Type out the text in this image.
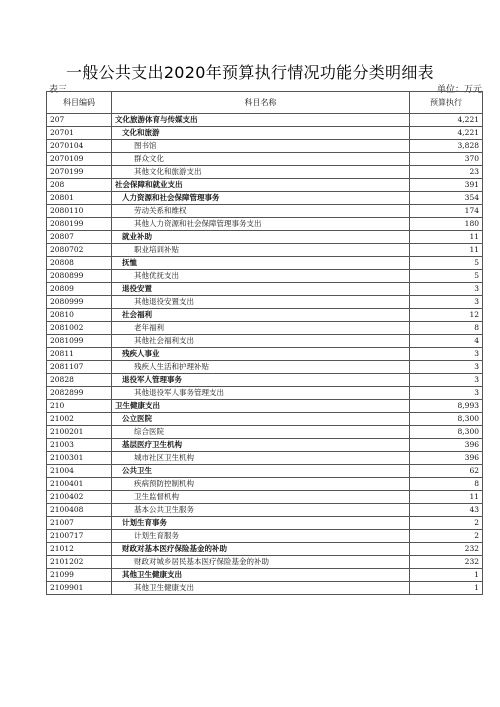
一般公共支出2020年预算执行情况功能分类明细表
表三	单位：万元
科目编码	科目名称	预算执行
207	文化旅游体育与传媒支出	4,221
20701	文化和旅游	4,221
2070104	图书馆	3,828
2070109	群众文化	370
2070199	其他文化和旅游支出	23
208	社会保障和就业支出	391
20801	人力资源和社会保障管理事务	354
2080110	劳动关系和维权	174
2080199	其他人力资源和社会保障管理事务支出	180
20807	就业补助	11
2080702	职业培训补贴	11
20808	抚恤	5
2080899	其他优抚支出	5
20809	退役安置	3
2080999	其他退役安置支出	3
20810	社会福利	12
2081002	老年福利	8
2081099	其他社会福利支出	4
20811	残疾人事业	3
2081107	残疾人生活和护理补贴	3
20828	退役军人管理事务	3
2082899	其他退役军人事务管理支出	3
210	卫生健康支出	8,993
21002	公立医院	8,300
2100201	综合医院	8,300
21003	基层医疗卫生机构	396
2100301	城市社区卫生机构	396
21004	公共卫生	62
2100401	疾病预防控制机构	8
2100402	卫生监督机构	11
2100408	基本公共卫生服务	43
21007	计划生育事务	2
2100717	计划生育服务	2
21012	财政对基本医疗保险基金的补助	232
2101202	财政对城乡居民基本医疗保险基金的补助	232
21099	其他卫生健康支出	1
2109901	其他卫生健康支出	1
